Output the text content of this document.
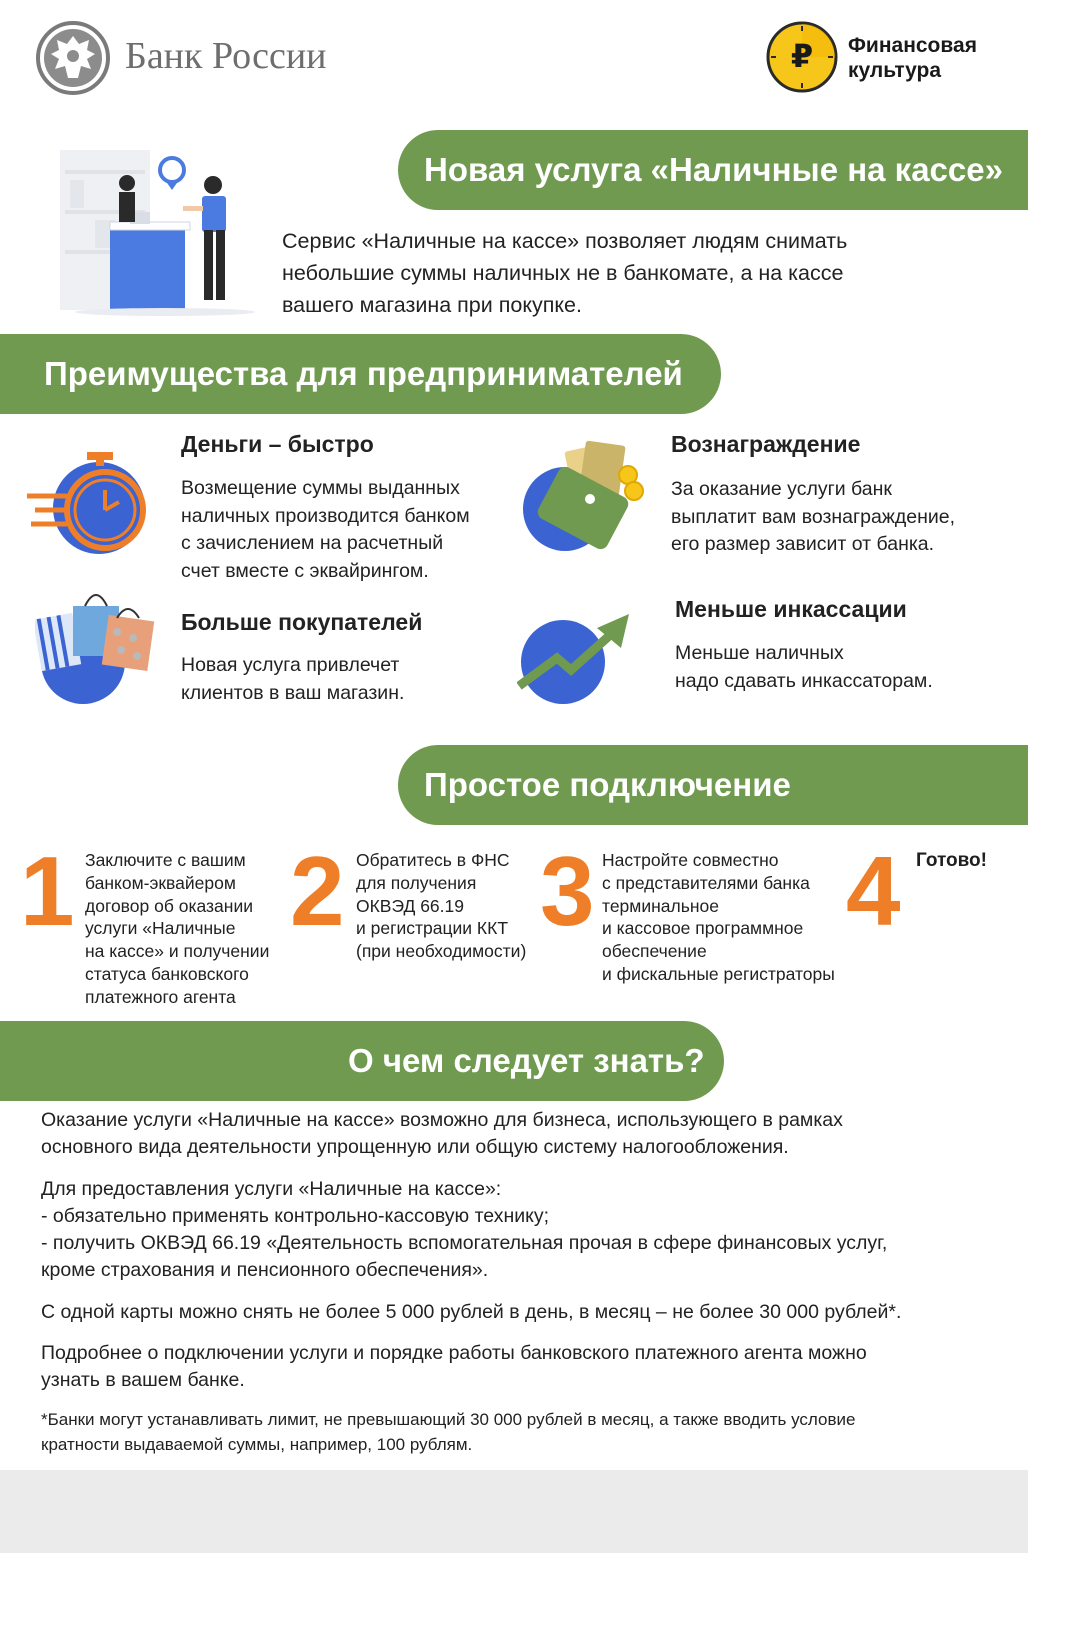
Банк России	₽ Финансовая
культура
Новая услуга «Наличные на кассе»
Сервис «Наличные на кассе» позволяет людям снимать
небольшие суммы наличных не в банкомате, а на кассе
вашего магазина при покупке.
Преимущества для предпринимателей
Деньги – быстро
Возмещение суммы выданных
наличных производится банком
с зачислением на расчетный
счет вместе с эквайрингом.
Вознаграждение
За оказание услуги банк
выплатит вам вознаграждение,
его размер зависит от банка.
Больше покупателей
Новая услуга привлечет
клиентов в ваш магазин.
Меньше инкассации
Меньше наличных
надо сдавать инкассаторам.
Простое подключение
1 Заключите с вашим
банком-эквайером
договор об оказании
услуги «Наличные
на кассе» и получении
статуса банковского
платежного агента
2 Обратитесь в ФНС
для получения
ОКВЭД 66.19
и регистрации ККТ
(при необходимости)
3 Настройте совместно
с представителями банка
терминальное
и кассовое программное
обеспечение
и фискальные регистраторы
4 Готово!
О чем следует знать?
Оказание услуги «Наличные на кассе» возможно для бизнеса, использующего в рамках
основного вида деятельности упрощенную или общую систему налогообложения.
Для предоставления услуги «Наличные на кассе»:
- обязательно применять контрольно-кассовую технику;
- получить ОКВЭД 66.19 «Деятельность вспомогательная прочая в сфере финансовых услуг,
кроме страхования и пенсионного обеспечения».
С одной карты можно снять не более 5 000 рублей в день, в месяц – не более 30 000 рублей*.
Подробнее о подключении услуги и порядке работы банковского платежного агента можно
узнать в вашем банке.
*Банки могут устанавливать лимит, не превышающий 30 000 рублей в месяц, а также вводить условие
кратности выдаваемой суммы, например, 100 рублям.
